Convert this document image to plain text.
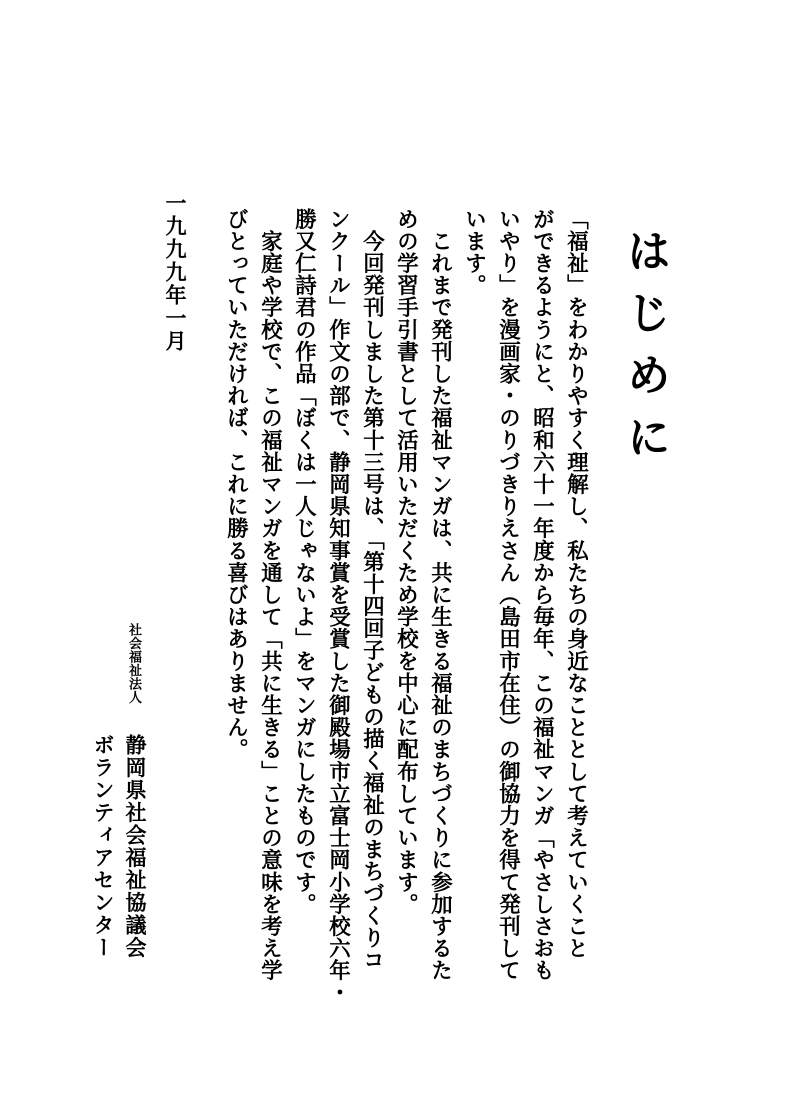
はじめに
「福祉」をわかりやすく理解し、私たちの身近なこととして考えていくこと
ができるようにと、昭和六十一年度から毎年、この福祉マンガ「やさしさおも
いやり」を漫画家・のりづきりえさん（島田市在住）の御協力を得て発刊して
います。
　これまで発刊した福祉マンガは、共に生きる福祉のまちづくりに参加するた
めの学習手引書として活用いただくため学校を中心に配布しています。
　今回発刊しました第十三号は、「第十四回子どもの描く福祉のまちづくりコ
ンクール」作文の部で、静岡県知事賞を受賞した御殿場市立富士岡小学校六年・
勝又仁詩君の作品「ぼくは一人じゃないよ」をマンガにしたものです。
　家庭や学校で、この福祉マンガを通して「共に生きる」ことの意味を考え学
びとっていただければ、これに勝る喜びはありません。
一九九九年一月
社会福祉法人
静岡県社会福祉協議会
ボランティアセンター
